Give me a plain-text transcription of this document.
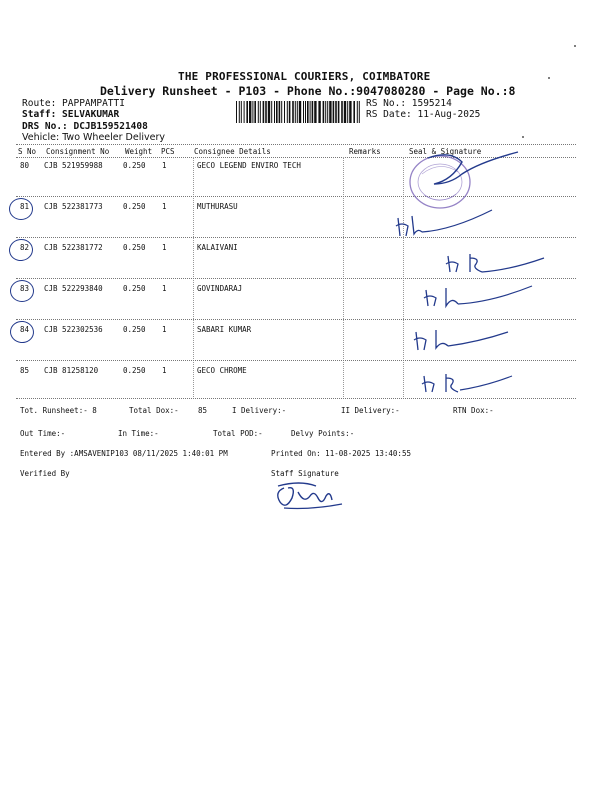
THE PROFESSIONAL COURIERS, COIMBATORE
Delivery Runsheet - P103 - Phone No.:9047080280 - Page No.:8
Route: PAPPAMPATTI
Staff: SELVAKUMAR
DRS No.: DCJB159521408
Vehicle: Two Wheeler Delivery
RS No.: 1595214
RS Date: 11-Aug-2025
S No Consignment No Weight PCS	Consignee Details	Remarks	Seal & Signature
80 CJB 521959988	0.250 1	GECO LEGEND ENVIRO TECH
81 CJB 522381773	0.250 1	MUTHURASU
82 CJB 522381772	0.250 1	KALAIVANI
83 CJB 522293840	0.250 1	GOVINDARAJ
84 CJB 522302536	0.250 1	SABARI KUMAR
85 CJB 81258120	0.250 1	GECO CHROME
Tot. Runsheet:- 8	Total Dox:-	85	I Delivery:-	II Delivery:-	RTN Dox:-
Out Time:-	In Time:-	Total POD:-	Delvy Points:-
Entered By :AMSAVENIP103 08/11/2025 1:40:01 PM	Printed On: 11-08-2025 13:40:55
Verified By	Staff Signature
